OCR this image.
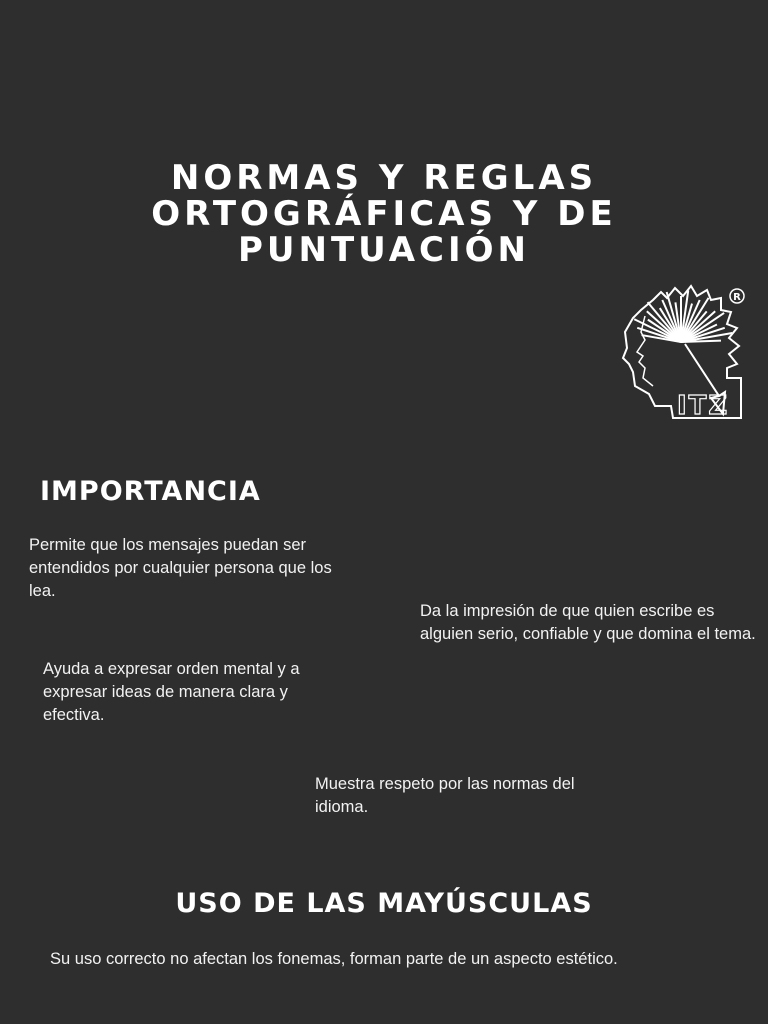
NORMAS Y REGLAS
ORTOGRÁFICAS Y DE
PUNTUACIÓN
ITZ
R
IMPORTANCIA
Permite que los mensajes puedan ser entendidos por cualquier persona que los lea.
Da la impresión de que quien escribe es alguien serio, confiable y que domina el tema.
Ayuda a expresar orden mental y a expresar ideas de manera clara y efectiva.
Muestra respeto por las normas del idioma.
USO DE LAS MAYÚSCULAS
Su uso correcto no afectan los fonemas, forman parte de un aspecto estético.
